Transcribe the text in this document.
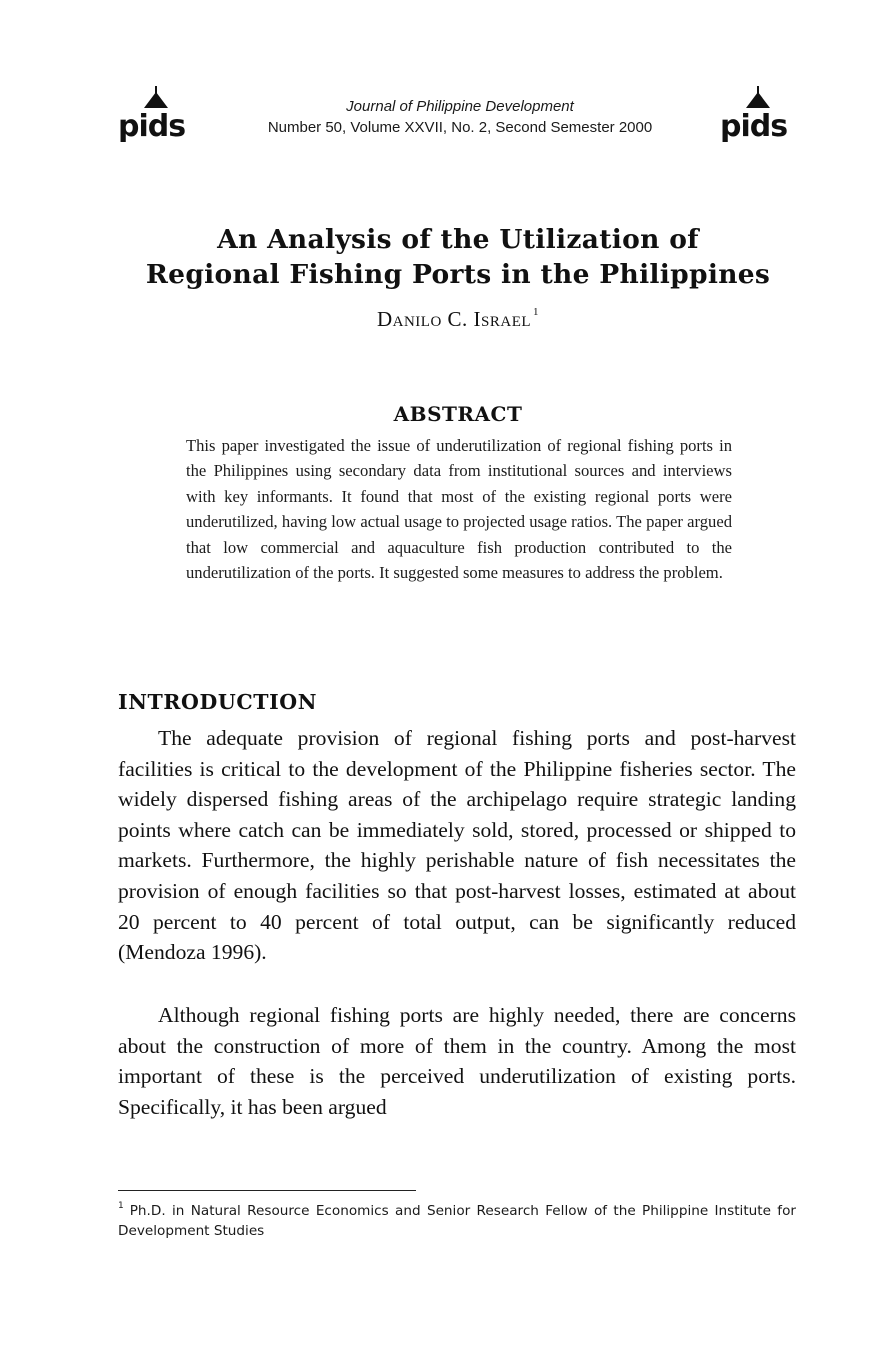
pids
Journal of Philippine Development
Number 50, Volume XXVII, No. 2, Second Semester 2000	pids
An Analysis of the Utilization of
Regional Fishing Ports in the Philippines
Danilo C. Israel $^1$
ABSTRACT

This paper investigated the issue of underutilization of regional fishing ports in the Philippines using secondary data from institutional sources and interviews with key informants. It found that most of the existing regional ports were underutilized, having low actual usage to projected usage ratios. The paper argued that low commercial and aquaculture fish production contributed to the underutilization of the ports. It suggested some measures to address the problem.

INTRODUCTION

The adequate provision of regional fishing ports and post-harvest facilities is critical to the development of the Philippine fisheries sector. The widely dispersed fishing areas of the archipelago require strategic landing points where catch can be immediately sold, stored, processed or shipped to markets. Furthermore, the highly perishable nature of fish necessitates the provision of enough facilities so that post-harvest losses, estimated at about 20 percent to 40 percent of total output, can be significantly reduced (Mendoza 1996).

Although regional fishing ports are highly needed, there are concerns about the construction of more of them in the country. Among the most important of these is the perceived underutilization of existing ports. Specifically, it has been argued

$^1$ Ph.D. in Natural Resource Economics and Senior Research Fellow of the Philippine Institute for Development Studies
